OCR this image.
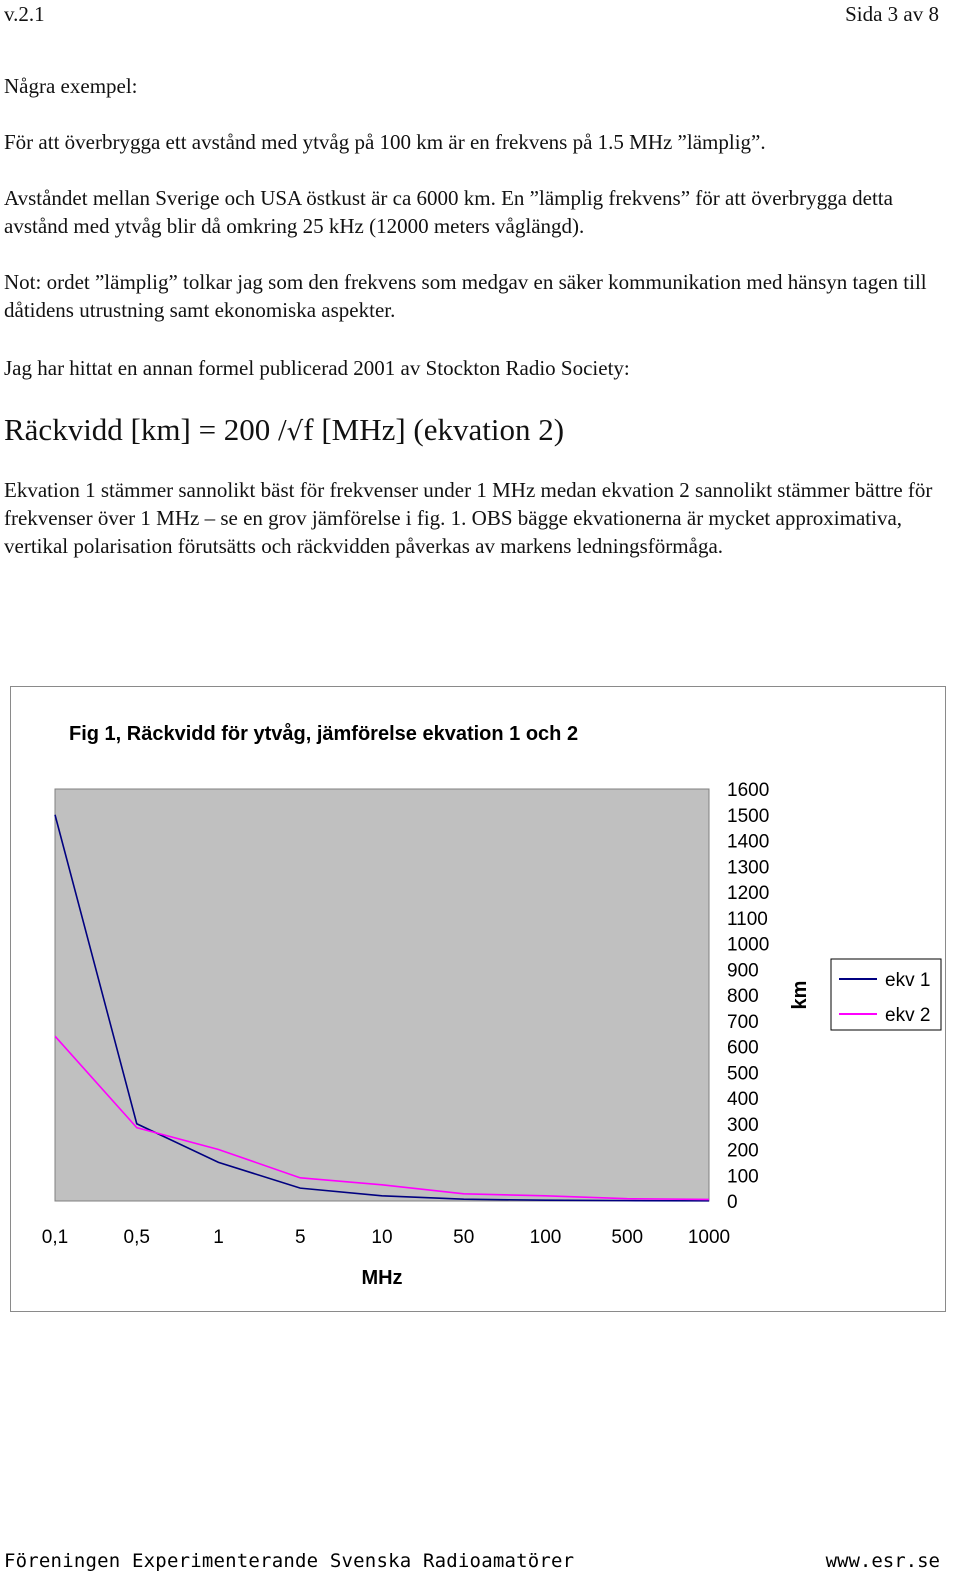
v.2.1	Sida 3 av 8

Några exempel:

För att överbrygga ett avstånd med ytvåg på 100 km är en frekvens på 1.5 MHz ”lämplig”.

Avståndet mellan Sverige och USA östkust är ca 6000 km. En ”lämplig frekvens” för att överbrygga detta avstånd med ytvåg blir då omkring 25 kHz (12000 meters våglängd).

Not: ordet ”lämplig” tolkar jag som den frekvens som medgav en säker kommunikation med hänsyn tagen till dåtidens utrustning samt ekonomiska aspekter.

Jag har hittat en annan formel publicerad 2001 av Stockton Radio Society:

Räckvidd [km] = 200 /√f [MHz] (ekvation 2)

Ekvation 1 stämmer sannolikt bäst för frekvenser under 1 MHz medan ekvation 2 sannolikt stämmer bättre för frekvenser över 1 MHz – se en grov jämförelse i fig. 1. OBS bägge ekvationerna är mycket approximativa, vertikal polarisation förutsätts och räckvidden påverkas av markens ledningsförmåga.

Fig 1, Räckvidd för ytvåg, jämförelse ekvation 1 och 2
0
100
200
300
400
500
600
700
800
900
1000
1100
1200
1300
1400
1500
1600
0,1	0,5	1	5	10	50	100	500 1000
MHz
km
ekv 1
ekv 2
Föreningen Experimenterande Svenska Radioamatörer	www.esr.se
